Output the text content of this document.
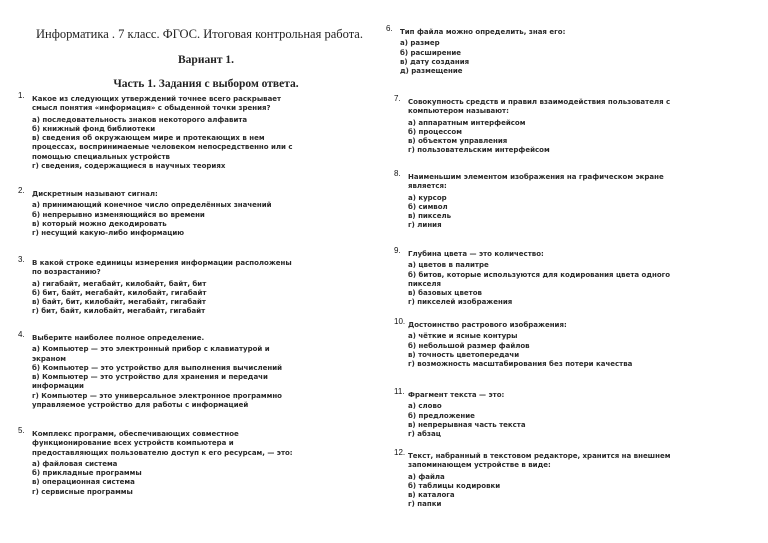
Информатика . 7 класс. ФГОС. Итоговая контрольная работа.

Вариант 1.

Часть 1. Задания с выбором ответа.

1. Какое из следующих утверждений точнее всего раскрывает смысл понятия «информация» с обыденной точки зрения?

а) последовательность знаков некоторого алфавита

б) книжный фонд библиотеки

в) сведения об окружающем мире и протекающих в нем процессах, воспринимаемые человеком непосредственно или с помощью специальных устройств

г) сведения, содержащиеся в научных теориях

2. Дискретным называют сигнал:

а) принимающий конечное число определённых значений

б) непрерывно изменяющийся во времени

в) который можно декодировать

г) несущий какую-либо информацию

3. В какой строке единицы измерения информации расположены по возрастанию?

а) гигабайт, мегабайт, килобайт, байт, бит

б) бит, байт, мегабайт, килобайт, гигабайт

в) байт, бит, килобайт, мегабайт, гигабайт

г) бит, байт, килобайт, мегабайт, гигабайт

4. Выберите наиболее полное определение.

а) Компьютер — это электронный прибор с клавиатурой и экраном

б) Компьютер — это устройство для выполнения вычислений

в) Компьютер — это устройство для хранения и передачи информации

г) Компьютер — это универсальное электронное программно управляемое устройство для работы с информацией

5. Комплекс программ, обеспечивающих совместное функционирование всех устройств компьютера и предоставляющих пользователю доступ к его ресурсам, — это:

а) файловая система

б) прикладные программы

в) операционная система

г) сервисные программы

6. Тип файла можно определить, зная его:

а) размер

б) расширение

в) дату создания

д) размещение

7. Совокупность средств и правил взаимодействия пользователя с компьютером называют:

а) аппаратным интерфейсом

б) процессом

в) объектом управления

г) пользовательским интерфейсом

8. Наименьшим элементом изображения на графическом экране является:

а) курсор

б) символ

в) пиксель

г) линия

9. Глубина цвета — это количество:

а) цветов в палитре

б) битов, которые используются для кодирования цвета одного пикселя

в) базовых цветов

г) пикселей изображения

10. Достоинство растрового изображения:

а) чёткие и ясные контуры

б) небольшой размер файлов

в) точность цветопередачи

г) возможность масштабирования без потери качества

11. Фрагмент текста — это:

а) слово

б) предложение

в) непрерывная часть текста

г) абзац

12. Текст, набранный в текстовом редакторе, хранится на внешнем запоминающем устройстве в виде:

а) файла

б) таблицы кодировки

в) каталога

г) папки
